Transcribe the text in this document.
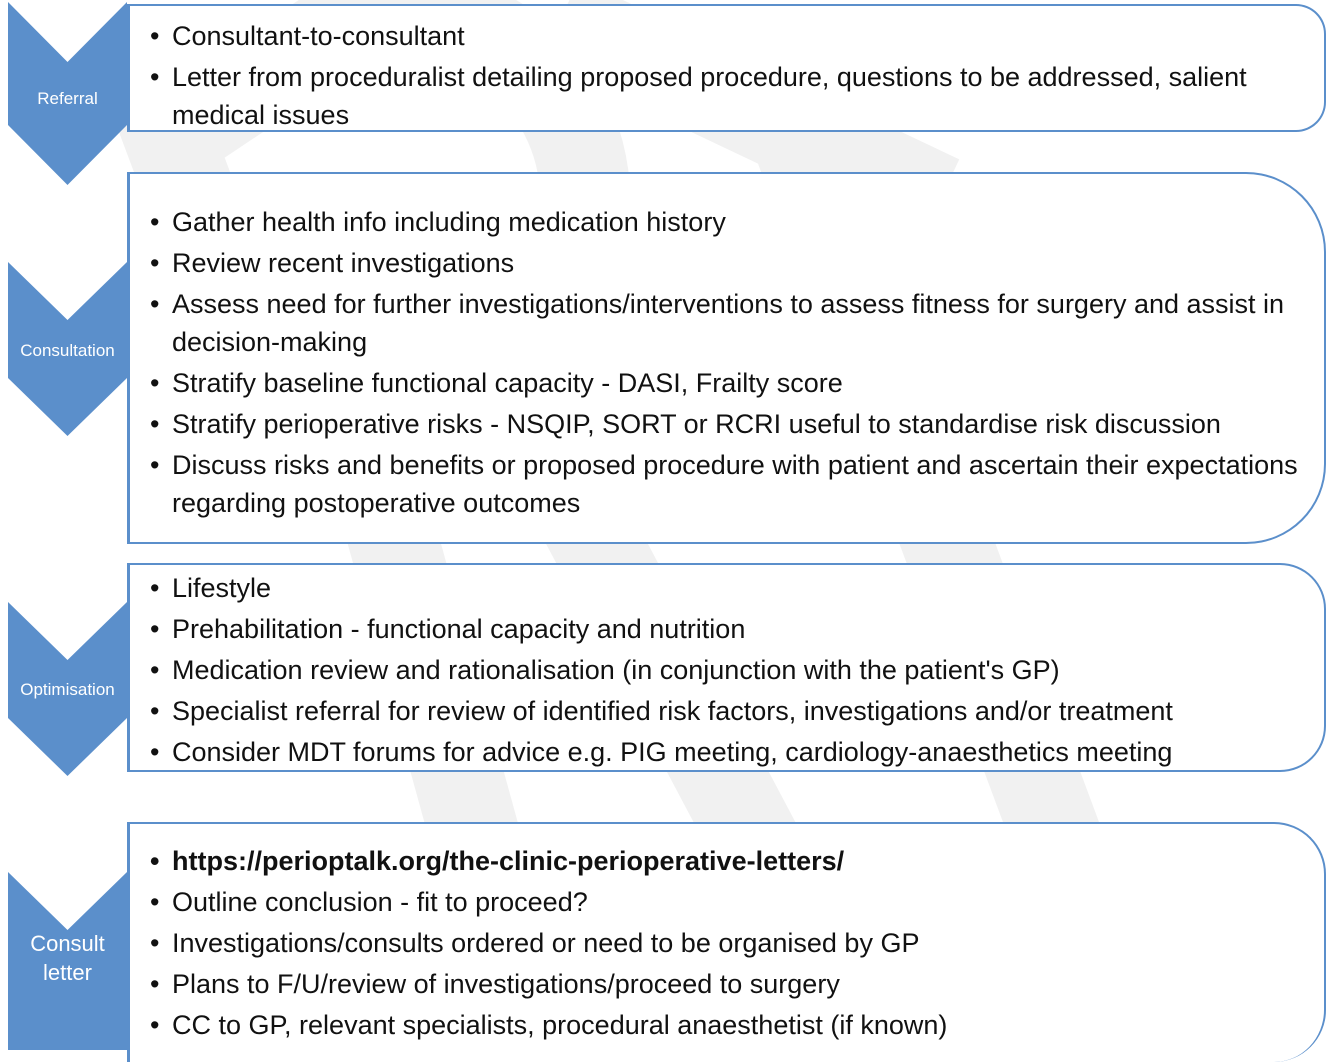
Referral
• Consultant-to-consultant
• Letter from proceduralist detailing proposed procedure, questions to be addressed, salient medical issues
Consultation
• Gather health info including medication history
• Review recent investigations
• Assess need for further investigations/interventions to assess fitness for surgery and assist in decision-making
• Stratify baseline functional capacity - DASI, Frailty score
• Stratify perioperative risks - NSQIP, SORT or RCRI useful to standardise risk discussion
• Discuss risks and benefits or proposed procedure with patient and ascertain their expectations regarding postoperative outcomes
Optimisation
• Lifestyle
• Prehabilitation - functional capacity and nutrition
• Medication review and rationalisation (in conjunction with the patient's GP)
• Specialist referral for review of identified risk factors, investigations and/or treatment
• Consider MDT forums for advice e.g. PIG meeting, cardiology-anaesthetics meeting
Consult letter
• https://perioptalk.org/the-clinic-perioperative-letters/
• Outline conclusion - fit to proceed?
• Investigations/consults ordered or need to be organised by GP
• Plans to F/U/review of investigations/proceed to surgery
• CC to GP, relevant specialists, procedural anaesthetist (if known)
